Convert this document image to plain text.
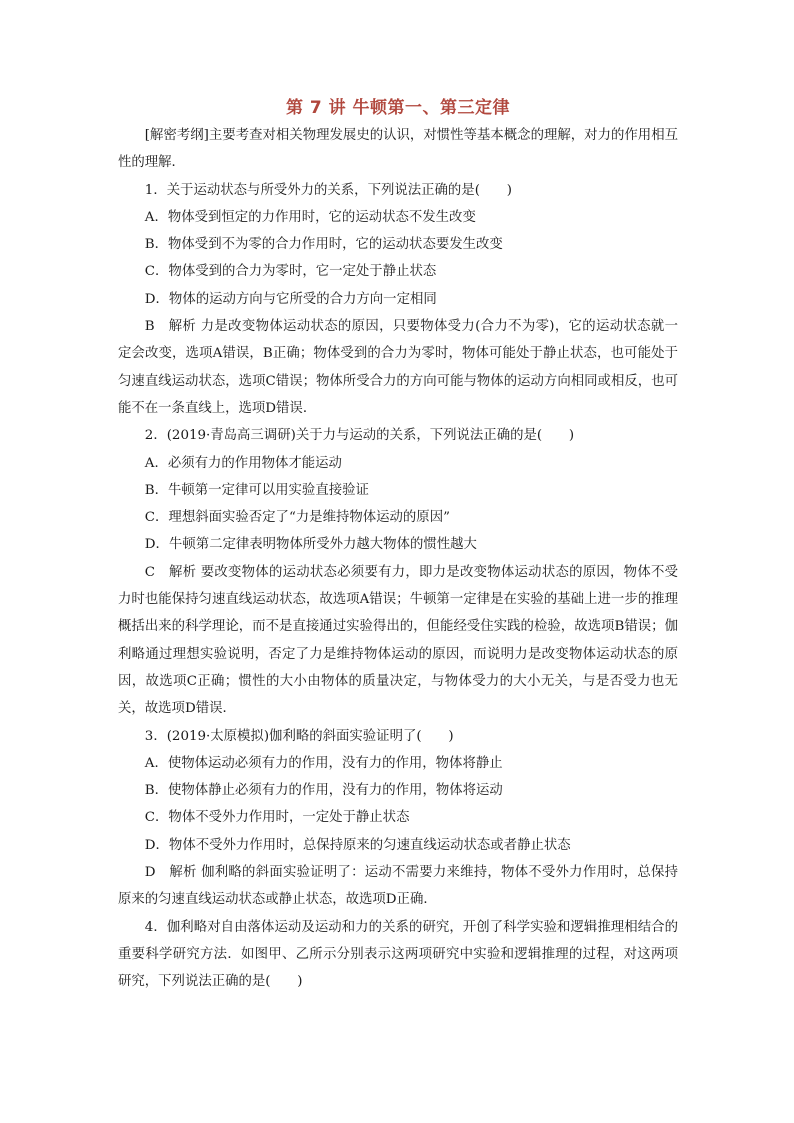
第 7 讲 牛顿第一、第三定律

[解密考纲]主要考查对相关物理发展史的认识，对惯性等基本概念的理解，对力的作用相互性的理解．

1．关于运动状态与所受外力的关系，下列说法正确的是(　　)

A．物体受到恒定的力作用时，它的运动状态不发生改变

B．物体受到不为零的合力作用时，它的运动状态要发生改变

C．物体受到的合力为零时，它一定处于静止状态

D．物体的运动方向与它所受的合力方向一定相同

B　解析 力是改变物体运动状态的原因，只要物体受力(合力不为零)，它的运动状态就一定会改变，选项A错误，B正确；物体受到的合力为零时，物体可能处于静止状态，也可能处于匀速直线运动状态，选项C错误；物体所受合力的方向可能与物体的运动方向相同或相反，也可能不在一条直线上，选项D错误．

2．(2019·青岛高三调研)关于力与运动的关系，下列说法正确的是(　　)

A．必须有力的作用物体才能运动

B．牛顿第一定律可以用实验直接验证

C．理想斜面实验否定了“力是维持物体运动的原因”

D．牛顿第二定律表明物体所受外力越大物体的惯性越大

C　解析 要改变物体的运动状态必须要有力，即力是改变物体运动状态的原因，物体不受力时也能保持匀速直线运动状态，故选项A错误；牛顿第一定律是在实验的基础上进一步的推理概括出来的科学理论，而不是直接通过实验得出的，但能经受住实践的检验，故选项B错误；伽利略通过理想实验说明，否定了力是维持物体运动的原因，而说明力是改变物体运动状态的原因，故选项C正确；惯性的大小由物体的质量决定，与物体受力的大小无关，与是否受力也无关，故选项D错误．

3．(2019·太原模拟)伽利略的斜面实验证明了(　　)

A．使物体运动必须有力的作用，没有力的作用，物体将静止

B．使物体静止必须有力的作用，没有力的作用，物体将运动

C．物体不受外力作用时，一定处于静止状态

D．物体不受外力作用时，总保持原来的匀速直线运动状态或者静止状态

D　解析 伽利略的斜面实验证明了：运动不需要力来维持，物体不受外力作用时，总保持原来的匀速直线运动状态或静止状态，故选项D正确．

4．伽利略对自由落体运动及运动和力的关系的研究，开创了科学实验和逻辑推理相结合的重要科学研究方法．如图甲、乙所示分别表示这两项研究中实验和逻辑推理的过程，对这两项研究，下列说法正确的是(　　)
